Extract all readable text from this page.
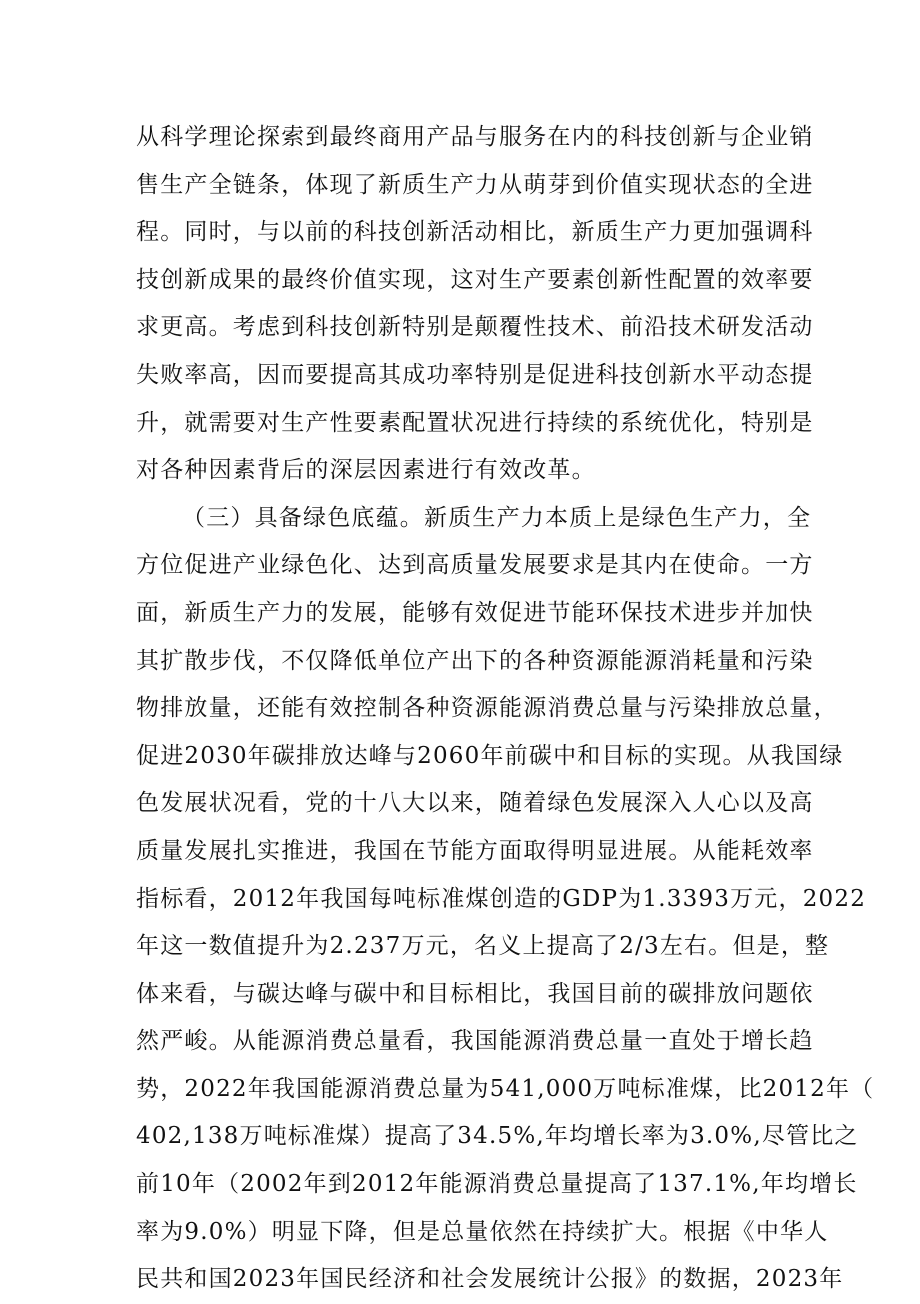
从科学理论探索到最终商用产品与服务在内的科技创新与企业销
售生产全链条，体现了新质生产力从萌芽到价值实现状态的全进
程。同时，与以前的科技创新活动相比，新质生产力更加强调科
技创新成果的最终价值实现，这对生产要素创新性配置的效率要
求更高。考虑到科技创新特别是颠覆性技术、前沿技术研发活动
失败率高，因而要提高其成功率特别是促进科技创新水平动态提
升，就需要对生产性要素配置状况进行持续的系统优化，特别是
对各种因素背后的深层因素进行有效改革。
（三）具备绿色底蕴。新质生产力本质上是绿色生产力，全
方位促进产业绿色化、达到高质量发展要求是其内在使命。一方
面，新质生产力的发展，能够有效促进节能环保技术进步并加快
其扩散步伐，不仅降低单位产出下的各种资源能源消耗量和污染
物排放量，还能有效控制各种资源能源消费总量与污染排放总量，
促进2030年碳排放达峰与2060年前碳中和目标的实现。从我国绿
色发展状况看，党的十八大以来，随着绿色发展深入人心以及高
质量发展扎实推进，我国在节能方面取得明显进展。从能耗效率
指标看，2012年我国每吨标准煤创造的GDP为1.3393万元，2022
年这一数值提升为2.237万元，名义上提高了2/3左右。但是，整
体来看，与碳达峰与碳中和目标相比，我国目前的碳排放问题依
然严峻。从能源消费总量看，我国能源消费总量一直处于增长趋
势，2022年我国能源消费总量为541,000万吨标准煤，比2012年（
402,138万吨标准煤）提高了34.5%,年均增长率为3.0%,尽管比之
前10年（2002年到2012年能源消费总量提高了137.1%,年均增长
率为9.0%）明显下降，但是总量依然在持续扩大。根据《中华人
民共和国2023年国民经济和社会发展统计公报》的数据，2023年
